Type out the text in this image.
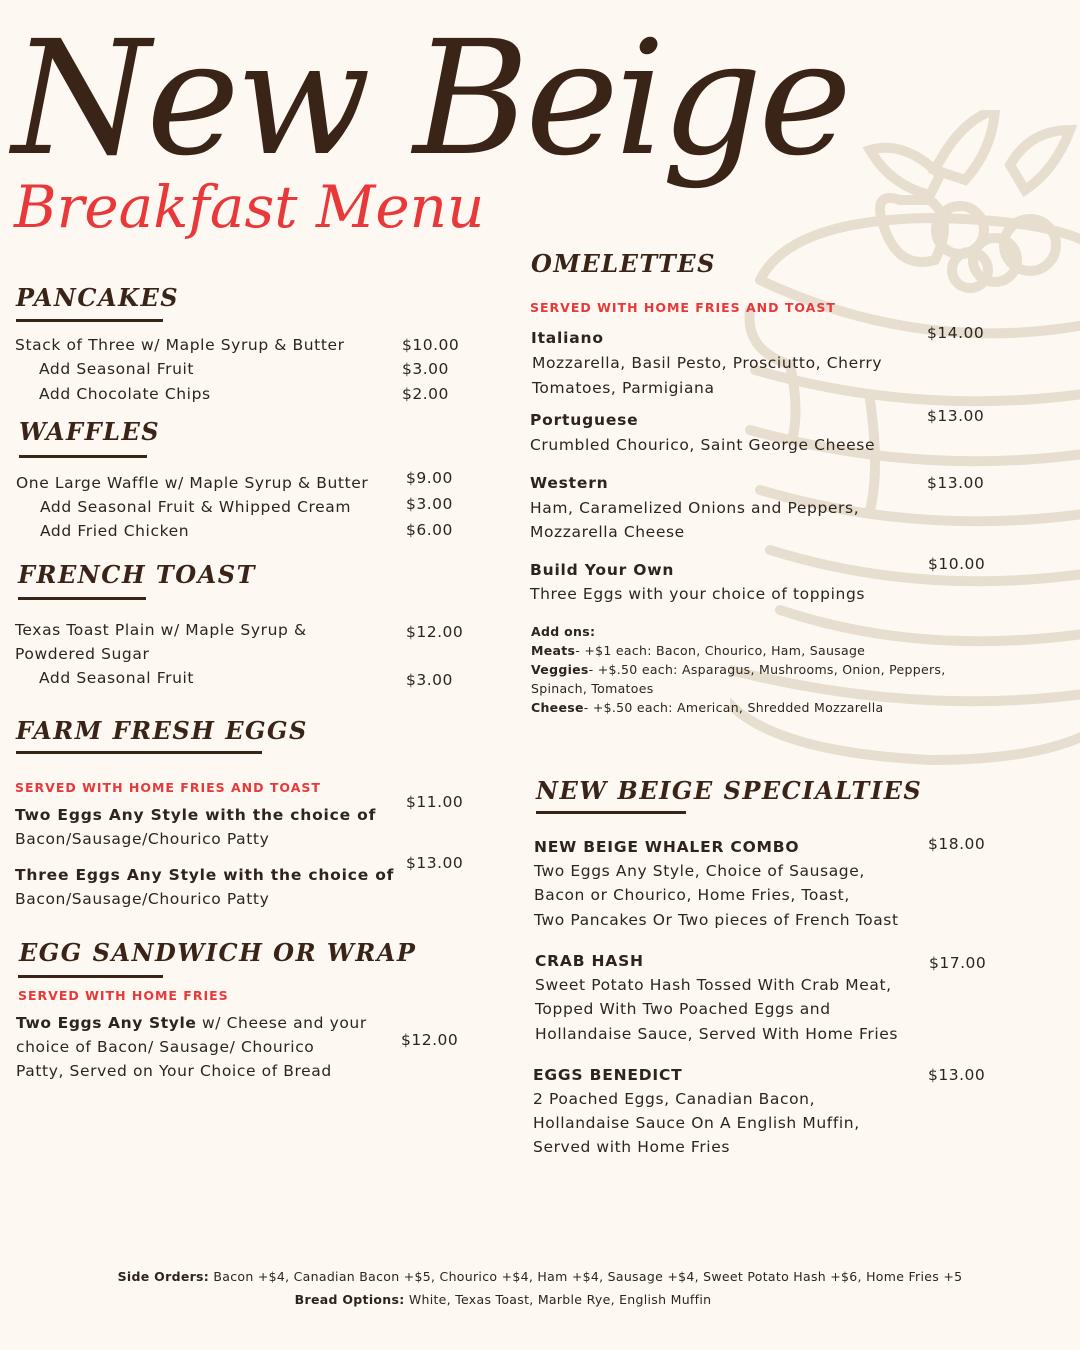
New Beige
Breakfast Menu
PANCAKES
Stack of Three w/ Maple Syrup & Butter	$10.00
Add Seasonal Fruit	$3.00
Add Chocolate Chips	$2.00
WAFFLES
One Large Waffle w/ Maple Syrup & Butter $9.00
Add Seasonal Fruit & Whipped Cream	$3.00
Add Fried Chicken	$6.00
FRENCH TOAST
Texas Toast Plain w/ Maple Syrup &
Powdered Sugar
$12.00
Add Seasonal Fruit	$3.00
FARM FRESH EGGS
SERVED WITH HOME FRIES AND TOAST
Two Eggs Any Style with the choice of
Bacon/Sausage/Chourico Patty
$11.00
Three Eggs Any Style with the choice of
Bacon/Sausage/Chourico Patty
$13.00
EGG SANDWICH OR WRAP
SERVED WITH HOME FRIES
Two Eggs Any Style w/ Cheese and your
choice of Bacon/ Sausage/ Chourico
Patty, Served on Your Choice of Bread
$12.00
OMELETTES
SERVED WITH HOME FRIES AND TOAST
Italiano
Mozzarella, Basil Pesto, Prosciutto, Cherry
Tomatoes, Parmigiana
$14.00
Portuguese
Crumbled Chourico, Saint George Cheese
$13.00
Western
Ham, Caramelized Onions and Peppers,
Mozzarella Cheese
$13.00
Build Your Own
Three Eggs with your choice of toppings
$10.00
Add ons:
Meats- +$1 each: Bacon, Chourico, Ham, Sausage
Veggies- +$.50 each: Asparagus, Mushrooms, Onion, Peppers,
Spinach, Tomatoes
Cheese- +$.50 each: American, Shredded Mozzarella
NEW BEIGE SPECIALTIES
NEW BEIGE WHALER COMBO
Two Eggs Any Style, Choice of Sausage,
Bacon or Chourico, Home Fries, Toast,
Two Pancakes Or Two pieces of French Toast
$18.00
CRAB HASH
Sweet Potato Hash Tossed With Crab Meat,
Topped With Two Poached Eggs and
Hollandaise Sauce, Served With Home Fries
$17.00
EGGS BENEDICT
2 Poached Eggs, Canadian Bacon,
Hollandaise Sauce On A English Muffin,
Served with Home Fries
$13.00
Side Orders: Bacon +$4, Canadian Bacon +$5, Chourico +$4, Ham +$4, Sausage +$4, Sweet Potato Hash +$6, Home Fries +5
Bread Options: White, Texas Toast, Marble Rye, English Muffin
